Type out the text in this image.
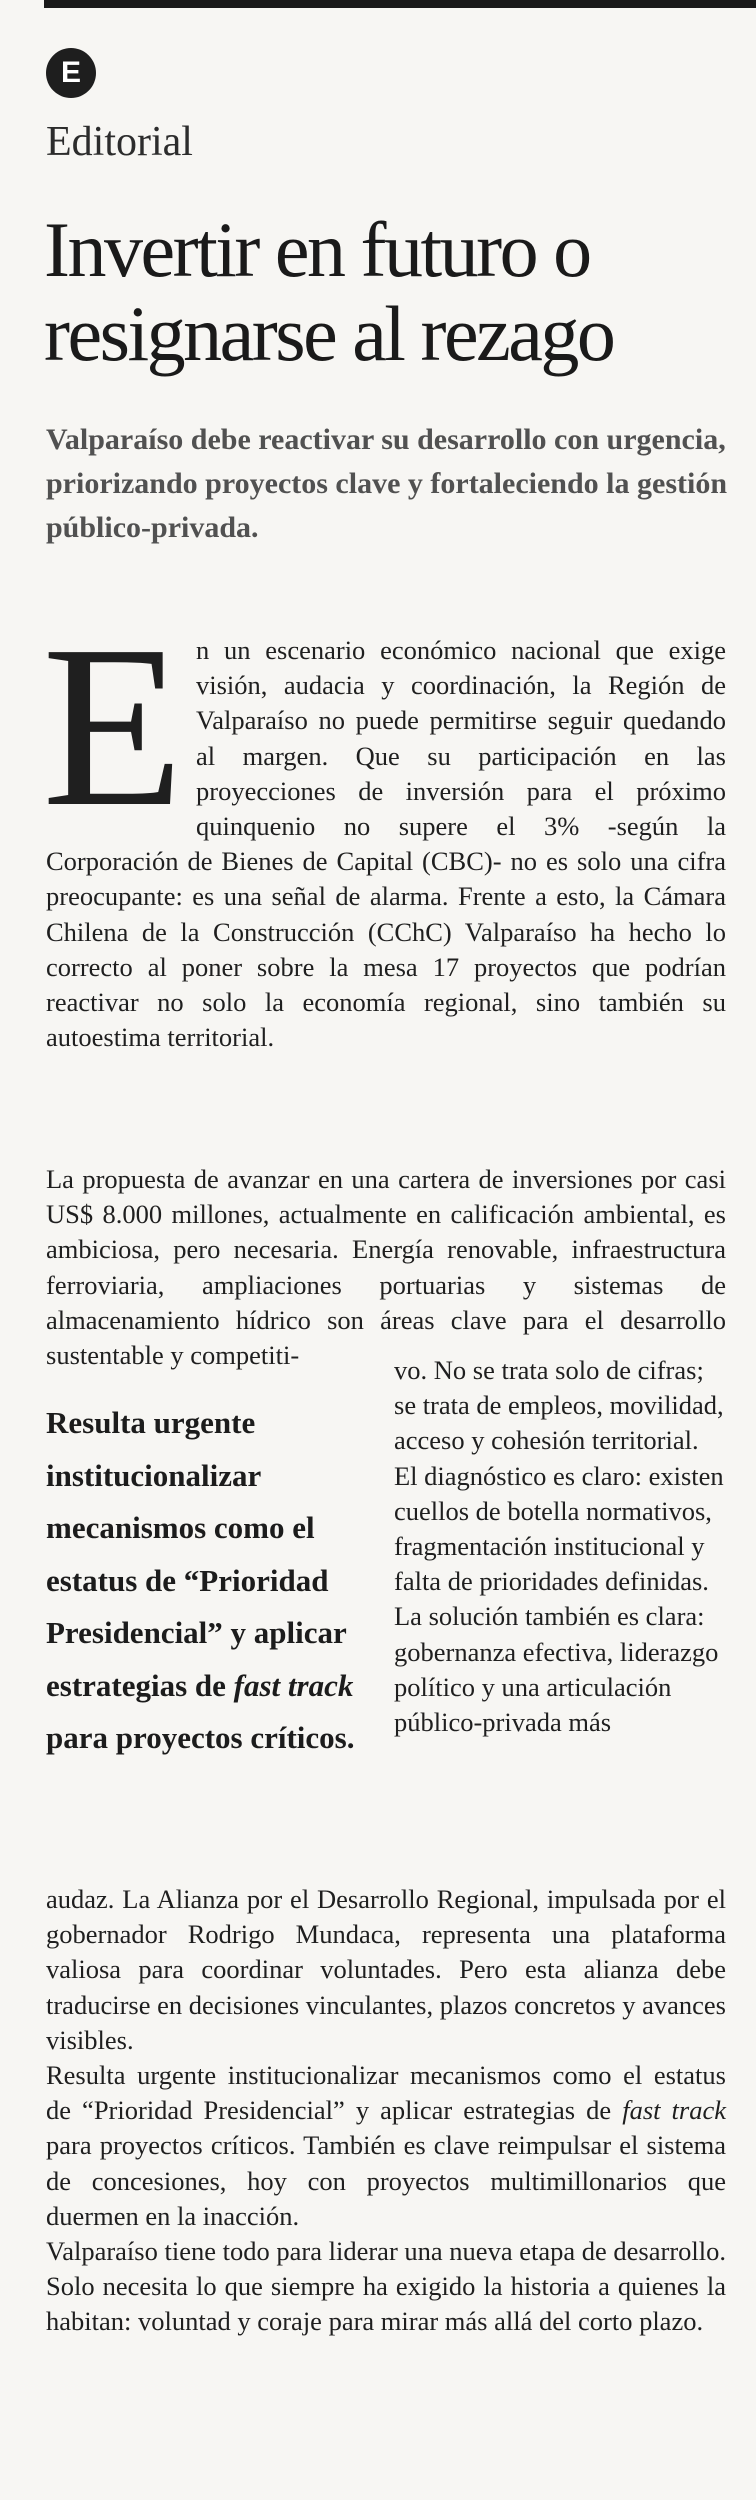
E
Editorial
Invertir en futuro o resignarse al rezago
Valparaíso debe reactivar su desarrollo con urgencia, priorizando proyectos clave y fortaleciendo la gestión público-privada.
E n un escenario económico nacional que exige visión, audacia y coordinación, la Región de Valparaíso no puede permitirse seguir quedando al margen. Que su participación en las proyecciones de inversión para el próximo quinquenio no supere el 3% -según la Corporación de Bienes de Capital (CBC)- no es solo una cifra preocupante: es una señal de alarma. Frente a esto, la Cámara Chilena de la Construcción (CChC) Valparaíso ha hecho lo correcto al poner sobre la mesa 17 proyectos que podrían reactivar no solo la economía regional, sino también su autoestima territorial.
La propuesta de avanzar en una cartera de inversiones por casi US$ 8.000 millones, actualmente en calificación ambiental, es ambiciosa, pero necesaria. Energía renovable, infraestructura ferroviaria, ampliaciones portuarias y sistemas de almacenamiento hídrico son áreas clave para el desarrollo sustentable y competiti-
Resulta urgente institucionalizar mecanismos como el estatus de “Prioridad Presidencial” y aplicar estrategias de fast track para proyectos críticos.
vo. No se trata solo de cifras; se trata de empleos, movilidad, acceso y cohesión territorial.
El diagnóstico es claro: existen cuellos de botella normativos, fragmentación institucional y falta de prioridades definidas. La solución también es clara: gobernanza efectiva, liderazgo político y una articulación público-privada más
audaz. La Alianza por el Desarrollo Regional, impulsada por el gobernador Rodrigo Mundaca, representa una plataforma valiosa para coordinar voluntades. Pero esta alianza debe traducirse en decisiones vinculantes, plazos concretos y avances visibles.
Resulta urgente institucionalizar mecanismos como el estatus de “Prioridad Presidencial” y aplicar estrategias de fast track para proyectos críticos. También es clave reimpulsar el sistema de concesiones, hoy con proyectos multimillonarios que duermen en la inacción.
Valparaíso tiene todo para liderar una nueva etapa de desarrollo. Solo necesita lo que siempre ha exigido la historia a quienes la habitan: voluntad y coraje para mirar más allá del corto plazo.
